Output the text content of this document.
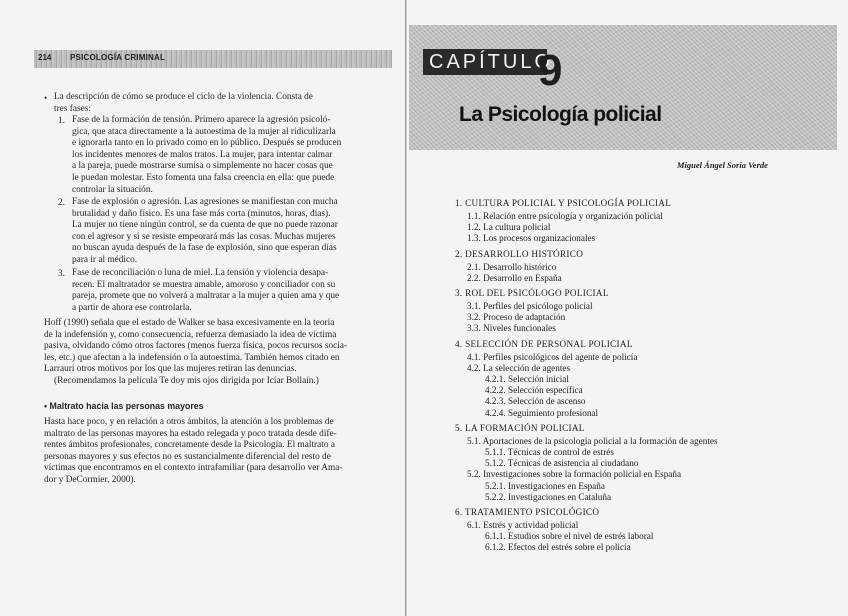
214 PSICOLOGÍA CRIMINAL
• La descripción de cómo se produce el ciclo de la violencia. Consta de
tres fases:
1. Fase de la formación de tensión. Primero aparece la agresión psicoló-
gica, que ataca directamente a la autoestima de la mujer al ridiculizarla
e ignorarla tanto en lo privado como en lo público. Después se producen
los incidentes menores de malos tratos. La mujer, para intentar calmar
a la pareja, puede mostrarse sumisa o simplemente no hacer cosas que
le puedan molestar. Esto fomenta una falsa creencia en ella: que puede
controlar la situación.
2. Fase de explosión o agresión. Las agresiones se manifiestan con mucha
brutalidad y daño físico. Es una fase más corta (minutos, horas, días).
La mujer no tiene ningún control, se da cuenta de que no puede razonar
con el agresor y si se resiste empeorará más las cosas. Muchas mujeres
no buscan ayuda después de la fase de explosión, sino que esperan días
para ir al médico.
3. Fase de reconciliación o luna de miel. La tensión y violencia desapa-
recen. El maltratador se muestra amable, amoroso y conciliador con su
pareja, promete que no volverá a maltratar a la mujer a quien ama y que
a partir de ahora ese controlarla.
Hoff (1990) señala que el estado de Walker se basa excesivamente en la teoría
de la indefensión y, como consecuencia, refuerza demasiado la idea de víctima
pasiva, olvidando cómo otros factores (menos fuerza física, pocos recursos socia-
les, etc.) que afectan a la indefensión o la autoestima. También hemos citado en
Larraurí otros motivos por los que las mujeres retiran las denuncias.
(Recomendamos la película Te doy mis ojos dirigida por Icíar Bollaín.)
• Maltrato hacia las personas mayores
Hasta hace poco, y en relación a otros ámbitos, la atención a los problemas de
maltrato de las personas mayores ha estado relegada y poco tratada desde dife-
rentes ámbitos profesionales, concretamente desde la Psicología. El maltrato a
personas mayores y sus efectos no es sustancialmente diferencial del resto de
víctimas que encontramos en el contexto intrafamiliar (para desarrollo ver Ama-
dor y DeCormier, 2000).
CAPÍTULO
9
La Psicología policial
Miguel Ángel Soria Verde
1. CULTURA POLICIAL Y PSICOLOGÍA POLICIAL
1.1. Relación entre psicología y organización policial
1.2. La cultura policial
1.3. Los procesos organizacionales
2. DESARROLLO HISTÓRICO
2.1. Desarrollo histórico
2.2. Desarrollo en España
3. ROL DEL PSICÓLOGO POLICIAL
3.1. Perfiles del psicólogo policial
3.2. Proceso de adaptación
3.3. Niveles funcionales
4. SELECCIÓN DE PERSONAL POLICIAL
4.1. Perfiles psicológicos del agente de policía
4.2. La selección de agentes
4.2.1. Selección inicial
4.2.2. Selección específica
4.2.3. Selección de ascenso
4.2.4. Seguimiento profesional
5. LA FORMACIÓN POLICIAL
5.1. Aportaciones de la psicología policial a la formación de agentes
5.1.1. Técnicas de control de estrés
5.1.2. Técnicas de asistencia al ciudadano
5.2. Investigaciones sobre la formación policial en España
5.2.1. Investigaciones en España
5.2.2. Investigaciones en Cataluña
6. TRATAMIENTO PSICOLÓGICO
6.1. Estrés y actividad policial
6.1.1. Estudios sobre el nivel de estrés laboral
6.1.2. Efectos del estrés sobre el policía
